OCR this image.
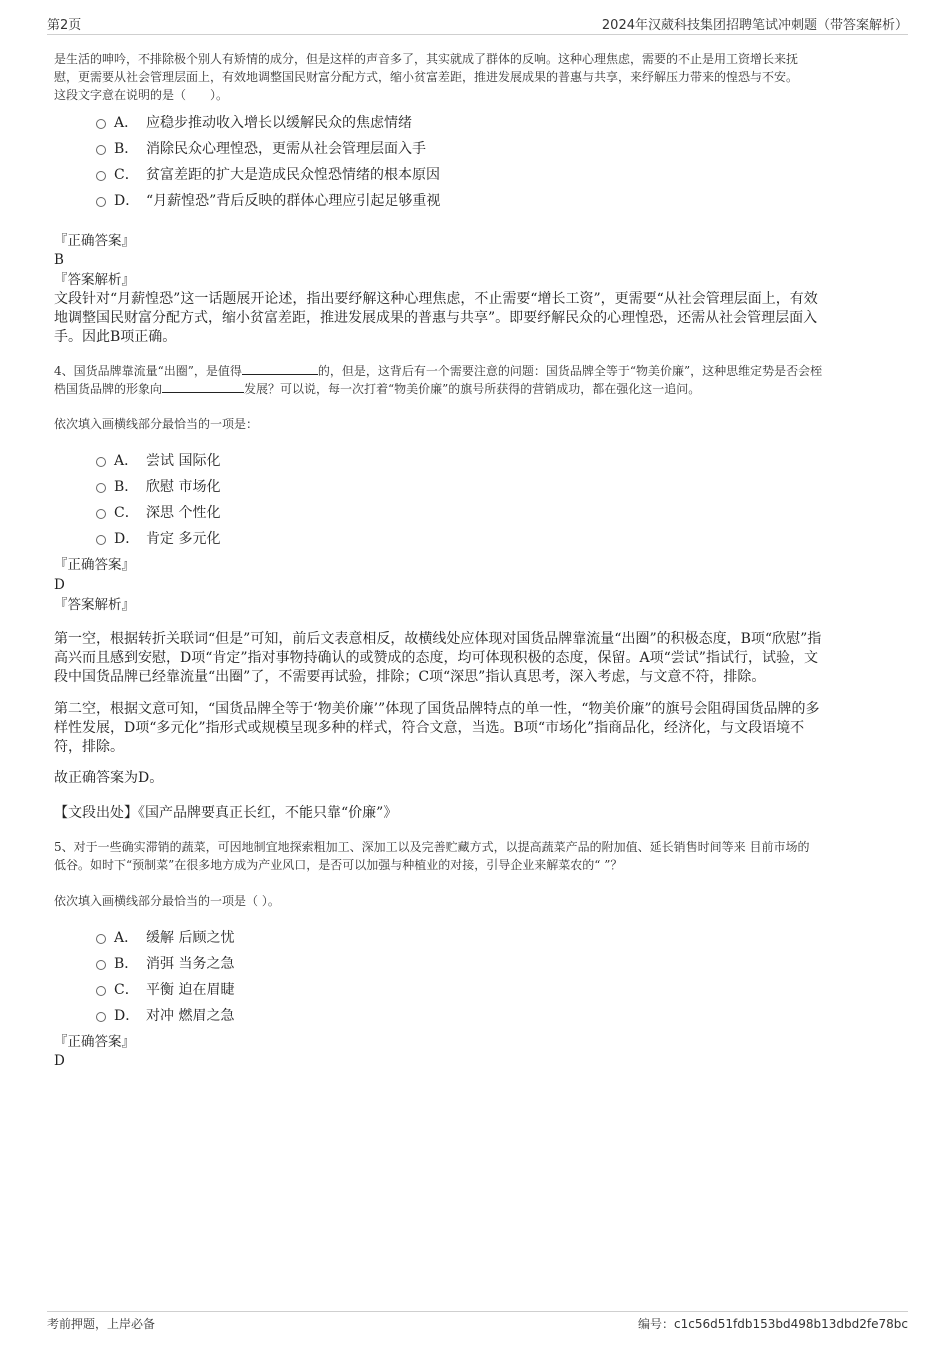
第2页	2024年汉葳科技集团招聘笔试冲刺题（带答案解析）

是生活的呻吟，不排除极个别人有矫情的成分，但是这样的声音多了，其实就成了群体的反响。这种心理焦虑，需要的不止是用工资增长来抚

慰，更需要从社会管理层面上，有效地调整国民财富分配方式，缩小贫富差距，推进发展成果的普惠与共享，来纾解压力带来的惶恐与不安。

这段文字意在说明的是（　　）。

A． 应稳步推动收入增长以缓解民众的焦虑情绪
B． 消除民众心理惶恐，更需从社会管理层面入手
C． 贫富差距的扩大是造成民众惶恐情绪的根本原因
D． “月薪惶恐”背后反映的群体心理应引起足够重视
『正确答案』
B
『答案解析』
文段针对“月薪惶恐”这一话题展开论述，指出要纾解这种心理焦虑，不止需要“增长工资”，更需要“从社会管理层面上，有效
地调整国民财富分配方式，缩小贫富差距，推进发展成果的普惠与共享”。即要纾解民众的心理惶恐，还需从社会管理层面入
手。因此B项正确。

4、国货品牌靠流量“出圈”，是值得	的，但是，这背后有一个需要注意的问题：国货品牌全等于“物美价廉”，这种思维定势是否会桎

梏国货品牌的形象向	发展？可以说，每一次打着“物美价廉”的旗号所获得的营销成功，都在强化这一追问。

依次填入画横线部分最恰当的一项是：
A． 尝试 国际化
B． 欣慰 市场化
C． 深思 个性化
D． 肯定 多元化
『正确答案』
D
『答案解析』
第一空，根据转折关联词“但是”可知，前后文表意相反，故横线处应体现对国货品牌靠流量“出圈”的积极态度，B项“欣慰”指
高兴而且感到安慰，D项“肯定”指对事物持确认的或赞成的态度，均可体现积极的态度，保留。A项“尝试”指试行，试验，文
段中国货品牌已经靠流量“出圈”了，不需要再试验，排除；C项“深思”指认真思考，深入考虑，与文意不符，排除。
第二空，根据文意可知，“国货品牌全等于‘物美价廉’”体现了国货品牌特点的单一性，“物美价廉”的旗号会阻碍国货品牌的多
样性发展，D项“多元化”指形式或规模呈现多种的样式，符合文意，当选。B项“市场化”指商品化，经济化，与文段语境不
符，排除。
故正确答案为D。
【文段出处】《国产品牌要真正长红，不能只靠“价廉”》

5、对于一些确实滞销的蔬菜，可因地制宜地探索粗加工、深加工以及完善贮藏方式，以提高蔬菜产品的附加值、延长销售时间等来 目前市场的

低谷。如时下“预制菜”在很多地方成为产业风口，是否可以加强与种植业的对接，引导企业来解菜农的“ ”？

依次填入画横线部分最恰当的一项是（ ）。
A． 缓解 后顾之忧
B． 消弭 当务之急
C． 平衡 迫在眉睫
D． 对冲 燃眉之急
『正确答案』
D
考前押题，上岸必备	编号：c1c56d51fdb153bd498b13dbd2fe78bc
